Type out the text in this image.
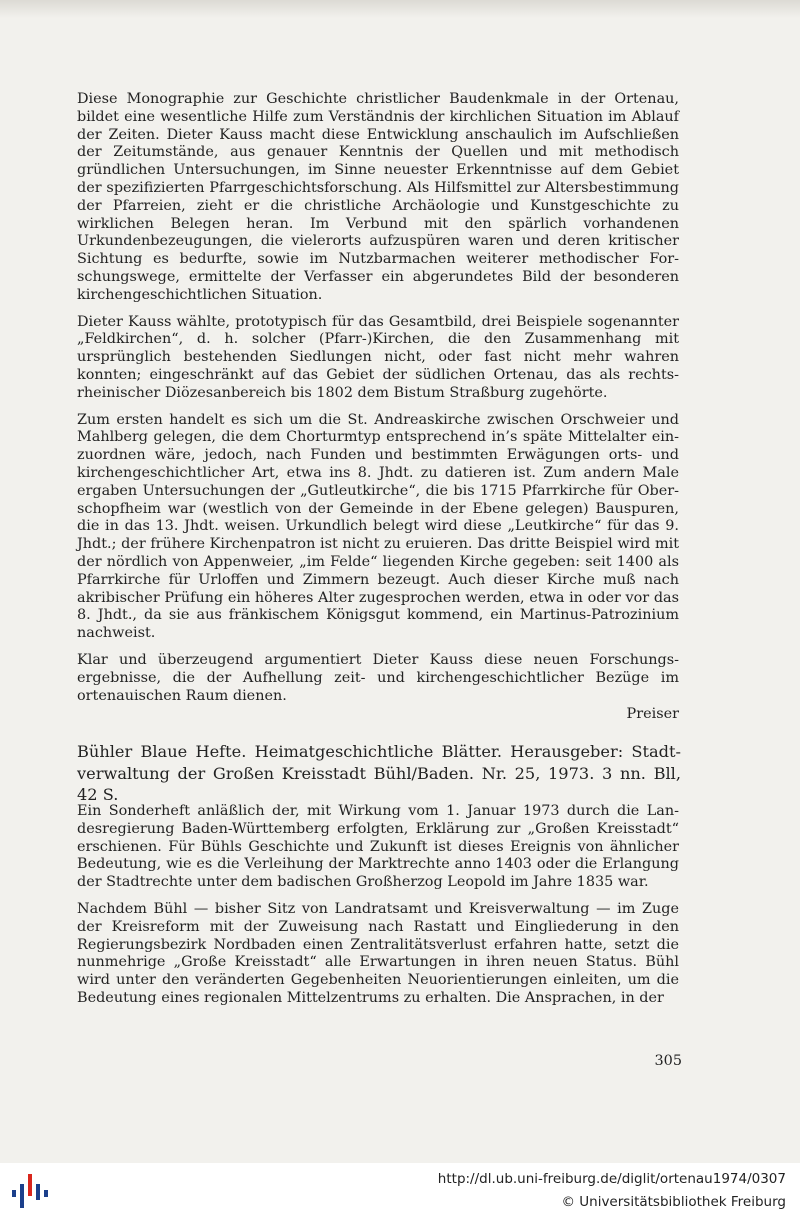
Diese Monographie zur Geschichte christlicher Baudenkmale in der Ortenau, bildet eine wesentliche Hilfe zum Verständnis der kirchlichen Situation im Ablauf der Zeiten. Dieter Kauss macht diese Entwicklung anschaulich im Aufschließen der Zeitumstände, aus genauer Kenntnis der Quellen und mit methodisch gründlichen Untersuchungen, im Sinne neuester Erkenntnisse auf dem Gebiet der spezifizierten Pfarrgeschichtsforschung. Als Hilfsmittel zur Altersbestimmung der Pfarreien, zieht er die christliche Archäologie und Kunstgeschichte zu wirklichen Belegen heran. Im Verbund mit den spärlich vorhandenen Urkundenbezeugungen, die vielerorts aufzuspüren waren und deren kritischer Sichtung es bedurfte, sowie im Nutzbarmachen weiterer methodischer Forschungswege, ermittelte der Verfasser ein abgerundetes Bild der besonderen kirchengeschichtlichen Situation.

Dieter Kauss wählte, prototypisch für das Gesamtbild, drei Beispiele sogenannter „Feldkirchen“, d. h. solcher (Pfarr-)Kirchen, die den Zusammenhang mit ursprünglich bestehenden Siedlungen nicht, oder fast nicht mehr wahren konnten; eingeschränkt auf das Gebiet der südlichen Ortenau, das als rechtsrheinischer Diözesanbereich bis 1802 dem Bistum Straßburg zugehörte.

Zum ersten handelt es sich um die St. Andreaskirche zwischen Orschweier und Mahlberg gelegen, die dem Chorturmtyp entsprechend in’s späte Mittelalter einzuordnen wäre, jedoch, nach Funden und bestimmten Erwägungen orts- und kirchengeschichtlicher Art, etwa ins 8. Jhdt. zu datieren ist. Zum andern Male ergaben Untersuchungen der „Gutleutkirche“, die bis 1715 Pfarrkirche für Oberschopfheim war (westlich von der Gemeinde in der Ebene gelegen) Bauspuren, die in das 13. Jhdt. weisen. Urkundlich belegt wird diese „Leutkirche“ für das 9. Jhdt.; der frühere Kirchenpatron ist nicht zu eruieren. Das dritte Beispiel wird mit der nördlich von Appenweier, „im Felde“ liegenden Kirche gegeben: seit 1400 als Pfarrkirche für Urloffen und Zimmern bezeugt. Auch dieser Kirche muß nach akribischer Prüfung ein höheres Alter zugesprochen werden, etwa in oder vor das 8. Jhdt., da sie aus fränkischem Königsgut kommend, ein Martinus-Patrozinium nachweist.

Klar und überzeugend argumentiert Dieter Kauss diese neuen Forschungsergebnisse, die der Aufhellung zeit- und kirchengeschichtlicher Bezüge im ortenauischen Raum dienen.

Preiser

Bühler Blaue Hefte. Heimatgeschichtliche Blätter. Herausgeber: Stadtverwaltung der Großen Kreisstadt Bühl/Baden. Nr. 25, 1973. 3 nn. Bll, 42 S.

Ein Sonderheft anläßlich der, mit Wirkung vom 1. Januar 1973 durch die Landesregierung Baden-Württemberg erfolgten, Erklärung zur „Großen Kreisstadt“ erschienen. Für Bühls Geschichte und Zukunft ist dieses Ereignis von ähnlicher Bedeutung, wie es die Verleihung der Marktrechte anno 1403 oder die Erlangung der Stadtrechte unter dem badischen Großherzog Leopold im Jahre 1835 war.

Nachdem Bühl — bisher Sitz von Landratsamt und Kreisverwaltung — im Zuge der Kreisreform mit der Zuweisung nach Rastatt und Eingliederung in den Regierungsbezirk Nordbaden einen Zentralitätsverlust erfahren hatte, setzt die nunmehrige „Große Kreisstadt“ alle Erwartungen in ihren neuen Status. Bühl wird unter den veränderten Gegebenheiten Neuorientierungen einleiten, um die Bedeutung eines regionalen Mittelzentrums zu erhalten. Die Ansprachen, in der

305
http://dl.ub.uni-freiburg.de/diglit/ortenau1974/0307
© Universitätsbibliothek Freiburg
